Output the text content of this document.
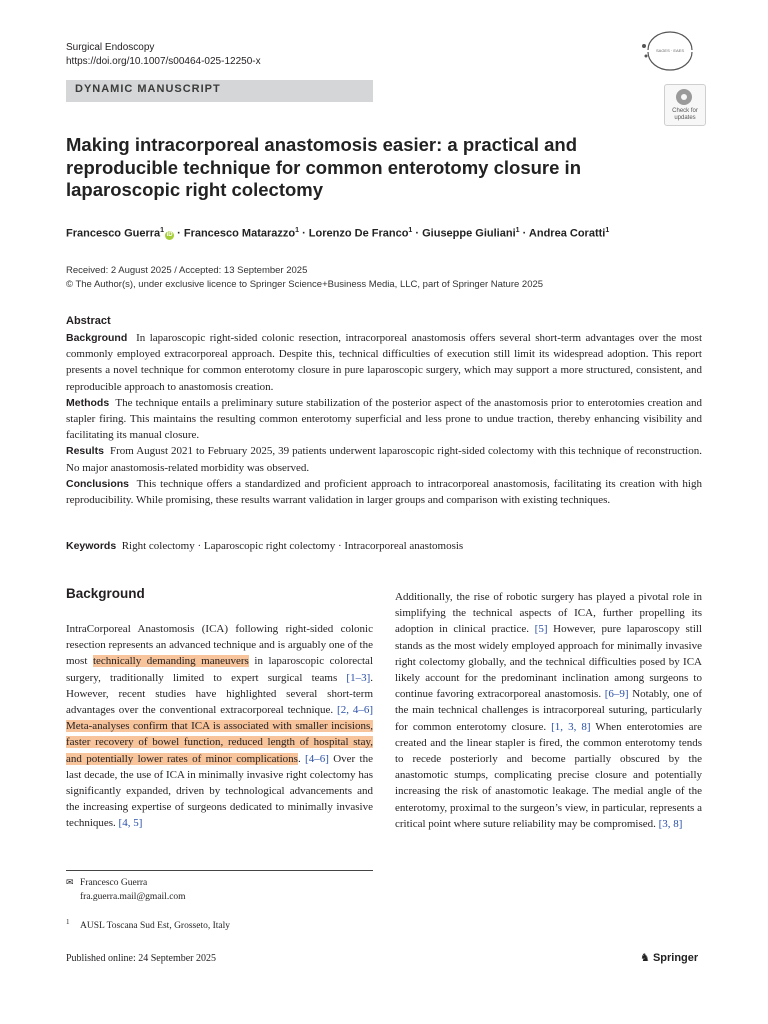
Surgical Endoscopy
https://doi.org/10.1007/s00464-025-12250-x
SAGES · EAES
DYNAMIC MANUSCRIPT
Check for
updates
Making intracorporeal anastomosis easier: a practical and reproducible technique for common enterotomy closure in laparoscopic right colectomy
Francesco Guerra$^1$iD · Francesco Matarazzo$^1$ · Lorenzo De Franco$^1$ · Giuseppe Giuliani$^1$ · Andrea Coratti$^1$
Received: 2 August 2025 / Accepted: 13 September 2025
© The Author(s), under exclusive licence to Springer Science+Business Media, LLC, part of Springer Nature 2025
Abstract

Background In laparoscopic right-sided colonic resection, intracorporeal anastomosis offers several short-term advantages over the most commonly employed extracorporeal approach. Despite this, technical difficulties of execution still limit its widespread adoption. This report presents a novel technique for common enterotomy closure in pure laparoscopic surgery, which may support a more structured, consistent, and reproducible approach to anastomosis creation.

Methods The technique entails a preliminary suture stabilization of the posterior aspect of the anastomosis prior to enterotomies creation and stapler firing. This maintains the resulting common enterotomy superficial and less prone to undue traction, thereby enhancing visibility and facilitating its manual closure.

Results From August 2021 to February 2025, 39 patients underwent laparoscopic right-sided colectomy with this technique of reconstruction. No major anastomosis-related morbidity was observed.

Conclusions This technique offers a standardized and proficient approach to intracorporeal anastomosis, facilitating its creation with high reproducibility. While promising, these results warrant validation in larger groups and comparison with existing techniques.

Keywords Right colectomy · Laparoscopic right colectomy · Intracorporeal anastomosis
Background

IntraCorporeal Anastomosis (ICA) following right-sided colonic resection represents an advanced technique and is arguably one of the most technically demanding maneuvers in laparoscopic colorectal surgery, traditionally limited to expert surgical teams [1–3]. However, recent studies have highlighted several short-term advantages over the conventional extracorporeal technique. [2, 4–6] Meta-analyses confirm that ICA is associated with smaller incisions, faster recovery of bowel function, reduced length of hospital stay, and potentially lower rates of minor complications. [4–6] Over the last decade, the use of ICA in minimally invasive right colectomy has significantly expanded, driven by technological advancements and the increasing expertise of surgeons dedicated to minimally invasive techniques. [4, 5]

Additionally, the rise of robotic surgery has played a pivotal role in simplifying the technical aspects of ICA, further propelling its adoption in clinical practice. [5] However, pure laparoscopy still stands as the most widely employed approach for minimally invasive right colectomy globally, and the technical difficulties posed by ICA likely account for the predominant inclination among surgeons to continue favoring extracorporeal anastomosis. [6–9] Notably, one of the main technical challenges is intracorporeal suturing, particularly for common enterotomy closure. [1, 3, 8] When enterotomies are created and the linear stapler is fired, the common enterotomy tends to recede posteriorly and become partially obscured by the anastomotic stumps, complicating precise closure and potentially increasing the risk of anastomotic leakage. The medial angle of the enterotomy, proximal to the surgeon’s view, in particular, represents a critical point where suture reliability may be compromised. [3, 8]

✉ Francesco Guerra
fra.guerra.mail@gmail.com
$^1$ AUSL Toscana Sud Est, Grosseto, Italy
Published online: 24 September 2025	♞ Springer
